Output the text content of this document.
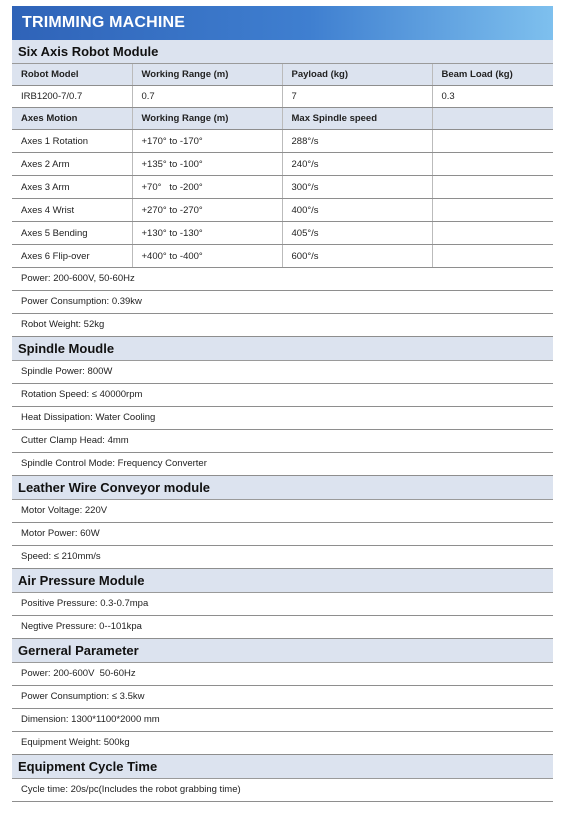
TRIMMING MACHINE
Six Axis Robot Module
Robot Model	Working Range (m)	Payload (kg)	Beam Load (kg)
IRB1200-7/0.7	0.7	7	0.3
Axes Motion	Working Range (m)	Max Spindle speed	
Axes 1 Rotation	+170° to -170°	288°/s	
Axes 2 Arm	+135° to -100°	240°/s	
Axes 3 Arm	+70°   to -200°	300°/s	
Axes 4 Wrist	+270° to -270°	400°/s	
Axes 5 Bending	+130° to -130°	405°/s	
Axes 6 Flip-over	+400° to -400°	600°/s	
Power: 200-600V, 50-60Hz
Power Consumption: 0.39kw
Robot Weight: 52kg
Spindle Moudle
Spindle Power: 800W
Rotation Speed: ≤ 40000rpm
Heat Dissipation: Water Cooling
Cutter Clamp Head: 4mm
Spindle Control Mode: Frequency Converter
Leather Wire Conveyor module
Motor Voltage: 220V
Motor Power: 60W
Speed: ≤ 210mm/s
Air Pressure Module
Positive Pressure: 0.3-0.7mpa
Negtive Pressure: 0--101kpa
Gerneral Parameter
Power: 200-600V  50-60Hz
Power Consumption: ≤ 3.5kw
Dimension: 1300*1100*2000 mm
Equipment Weight: 500kg
Equipment Cycle Time
Cycle time: 20s/pc(Includes the robot grabbing time)
